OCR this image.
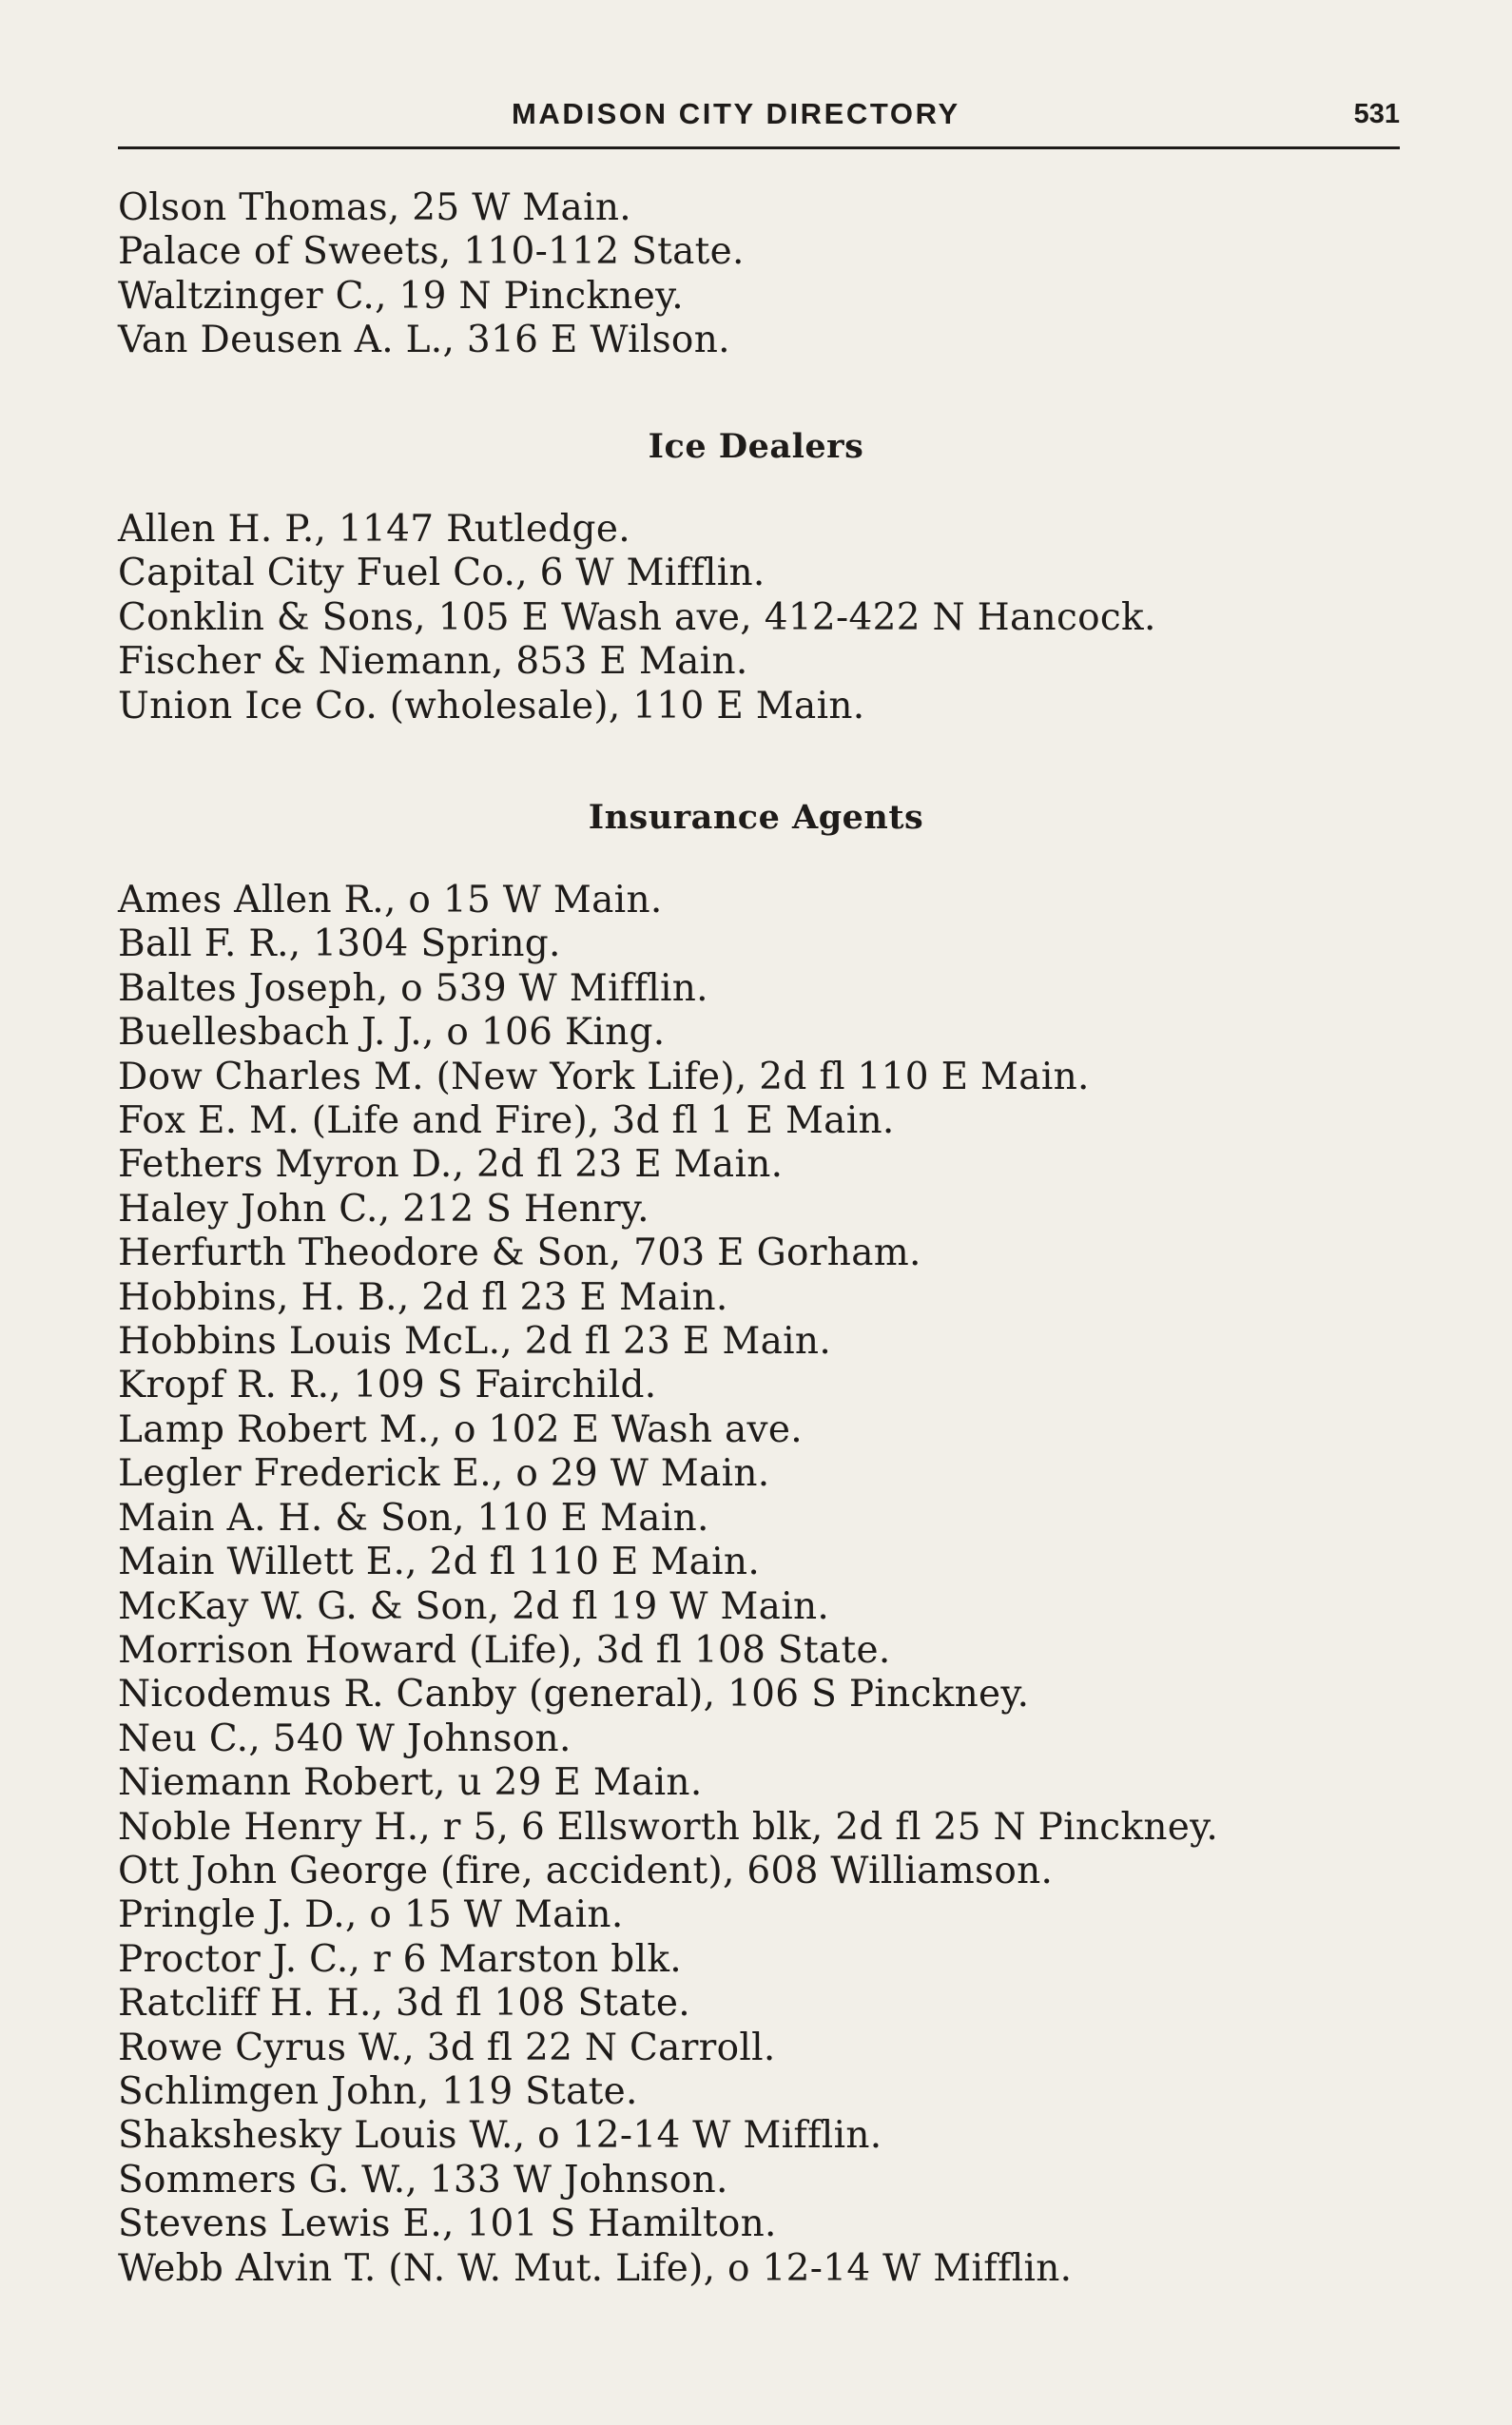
MADISON CITY DIRECTORY	531
Olson Thomas, 25 W Main.
Palace of Sweets, 110-112 State.
Waltzinger C., 19 N Pinckney.
Van Deusen A. L., 316 E Wilson.
Ice Dealers
Allen H. P., 1147 Rutledge.
Capital City Fuel Co., 6 W Mifflin.
Conklin & Sons, 105 E Wash ave, 412-422 N Hancock.
Fischer & Niemann, 853 E Main.
Union Ice Co. (wholesale), 110 E Main.
Insurance Agents
Ames Allen R., o 15 W Main.
Ball F. R., 1304 Spring.
Baltes Joseph, o 539 W Mifflin.
Buellesbach J. J., o 106 King.
Dow Charles M. (New York Life), 2d fl 110 E Main.
Fox E. M. (Life and Fire), 3d fl 1 E Main.
Fethers Myron D., 2d fl 23 E Main.
Haley John C., 212 S Henry.
Herfurth Theodore & Son, 703 E Gorham.
Hobbins, H. B., 2d fl 23 E Main.
Hobbins Louis McL., 2d fl 23 E Main.
Kropf R. R., 109 S Fairchild.
Lamp Robert M., o 102 E Wash ave.
Legler Frederick E., o 29 W Main.
Main A. H. & Son, 110 E Main.
Main Willett E., 2d fl 110 E Main.
McKay W. G. & Son, 2d fl 19 W Main.
Morrison Howard (Life), 3d fl 108 State.
Nicodemus R. Canby (general), 106 S Pinckney.
Neu C., 540 W Johnson.
Niemann Robert, u 29 E Main.
Noble Henry H., r 5, 6 Ellsworth blk, 2d fl 25 N Pinckney.
Ott John George (fire, accident), 608 Williamson.
Pringle J. D., o 15 W Main.
Proctor J. C., r 6 Marston blk.
Ratcliff H. H., 3d fl 108 State.
Rowe Cyrus W., 3d fl 22 N Carroll.
Schlimgen John, 119 State.
Shakshesky Louis W., o 12-14 W Mifflin.
Sommers G. W., 133 W Johnson.
Stevens Lewis E., 101 S Hamilton.
Webb Alvin T. (N. W. Mut. Life), o 12-14 W Mifflin.
